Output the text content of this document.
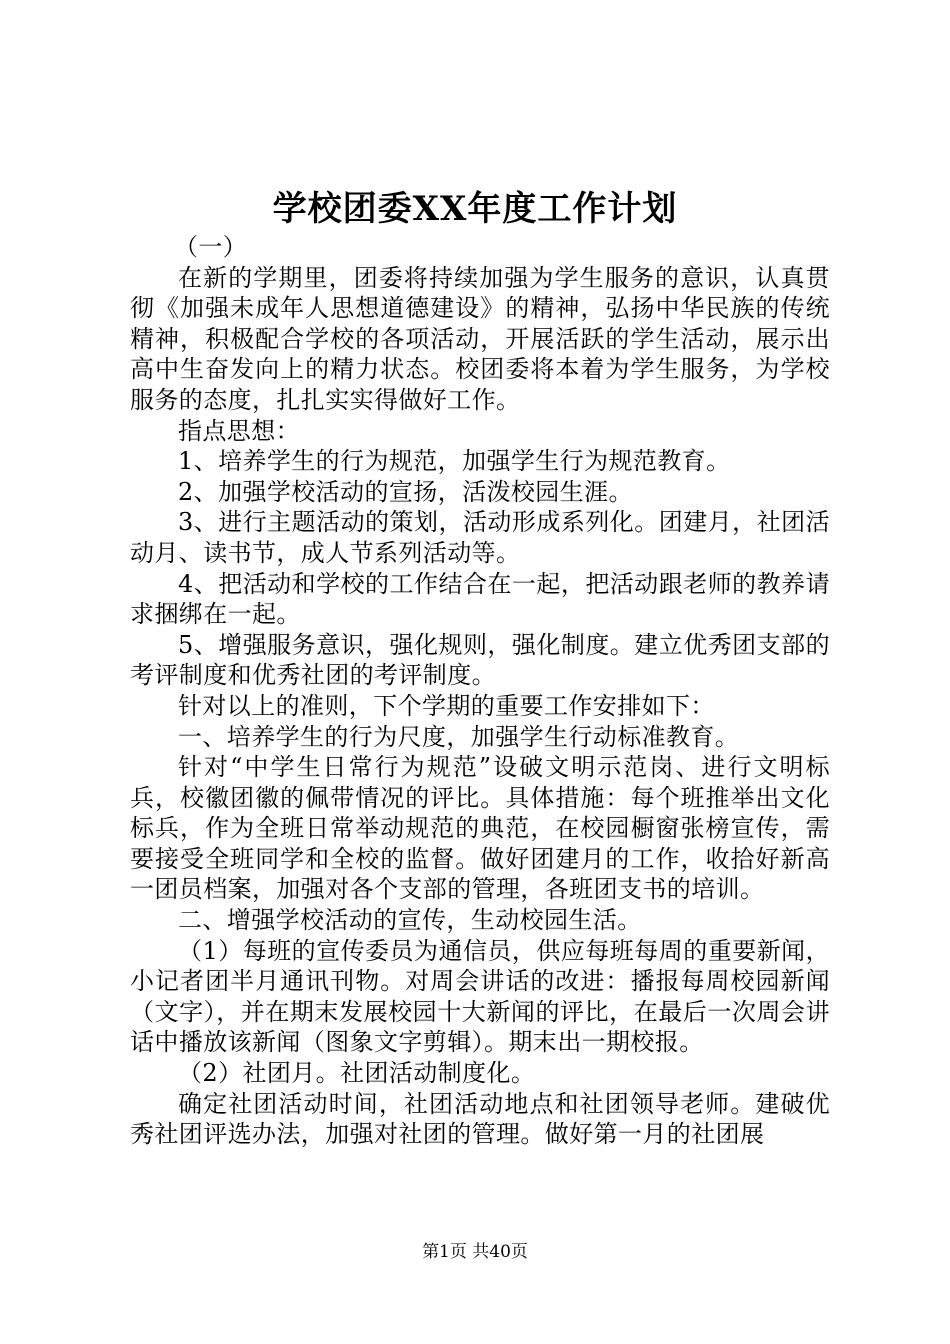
学校团委XX年度工作计划

（一）

在新的学期里，团委将持续加强为学生服务的意识，认真贯彻《加强未成年人思想道德建设》的精神，弘扬中华民族的传统精神，积极配合学校的各项活动，开展活跃的学生活动，展示出高中生奋发向上的精力状态。校团委将本着为学生服务，为学校服务的态度，扎扎实实得做好工作。

指点思想：

1、培养学生的行为规范，加强学生行为规范教育。

2、加强学校活动的宣扬，活泼校园生涯。

3、进行主题活动的策划，活动形成系列化。团建月，社团活动月、读书节，成人节系列活动等。

4、把活动和学校的工作结合在一起，把活动跟老师的教养请求捆绑在一起。

5、增强服务意识，强化规则，强化制度。建立优秀团支部的考评制度和优秀社团的考评制度。

针对以上的准则，下个学期的重要工作安排如下：

一、培养学生的行为尺度，加强学生行动标准教育。

针对“中学生日常行为规范”设破文明示范岗、进行文明标兵，校徽团徽的佩带情况的评比。具体措施：每个班推举出文化标兵，作为全班日常举动规范的典范，在校园橱窗张榜宣传，需要接受全班同学和全校的监督。做好团建月的工作，收拾好新高一团员档案，加强对各个支部的管理，各班团支书的培训。

二、增强学校活动的宣传，生动校园生活。

（1）每班的宣传委员为通信员，供应每班每周的重要新闻，小记者团半月通讯刊物。对周会讲话的改进：播报每周校园新闻（文字），并在期末发展校园十大新闻的评比，在最后一次周会讲话中播放该新闻（图象文字剪辑）。期末出一期校报。

（2）社团月。社团活动制度化。

确定社团活动时间，社团活动地点和社团领导老师。建破优秀社团评选办法，加强对社团的管理。做好第一月的社团展

第1页 共40页
